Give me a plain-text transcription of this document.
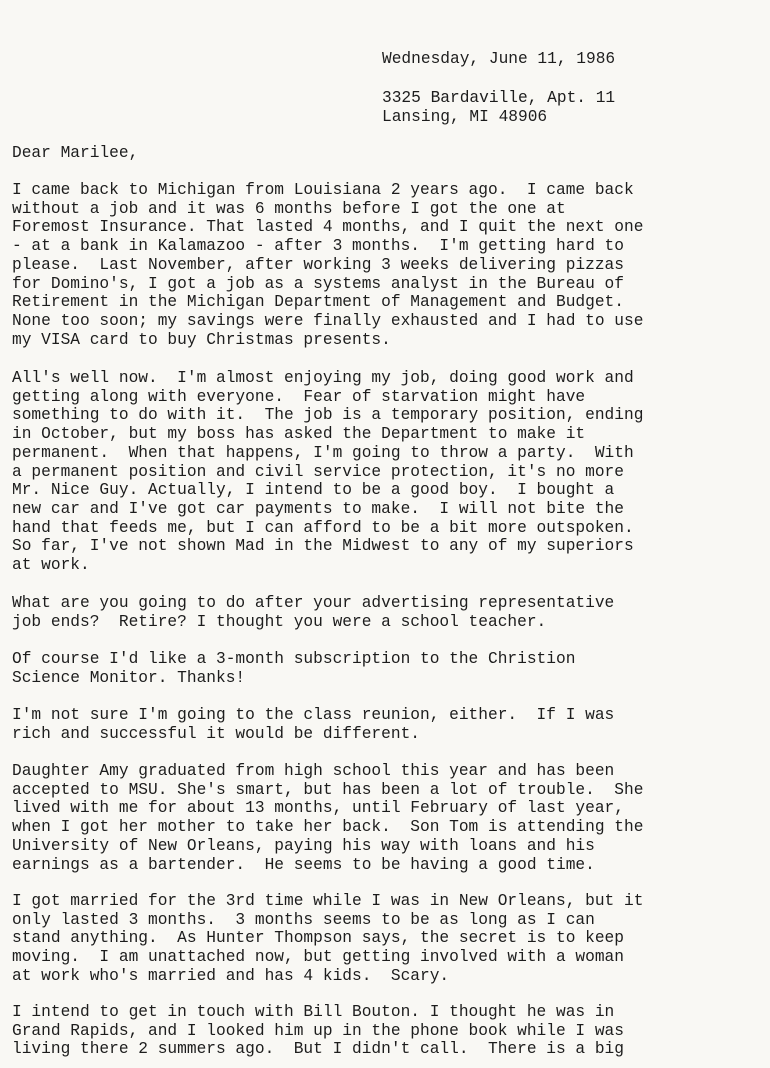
Wednesday, June 11, 1986
3325 Bardaville, Apt. 11
Lansing, MI 48906
Dear Marilee,
I came back to Michigan from Louisiana 2 years ago.  I came back
without a job and it was 6 months before I got the one at
Foremost Insurance. That lasted 4 months, and I quit the next one
- at a bank in Kalamazoo - after 3 months.  I'm getting hard to
please.  Last November, after working 3 weeks delivering pizzas
for Domino's, I got a job as a systems analyst in the Bureau of
Retirement in the Michigan Department of Management and Budget.
None too soon; my savings were finally exhausted and I had to use
my VISA card to buy Christmas presents.
All's well now.  I'm almost enjoying my job, doing good work and
getting along with everyone.  Fear of starvation might have
something to do with it.  The job is a temporary position, ending
in October, but my boss has asked the Department to make it
permanent.  When that happens, I'm going to throw a party.  With
a permanent position and civil service protection, it's no more
Mr. Nice Guy. Actually, I intend to be a good boy.  I bought a
new car and I've got car payments to make.  I will not bite the
hand that feeds me, but I can afford to be a bit more outspoken.
So far, I've not shown Mad in the Midwest to any of my superiors
at work.
What are you going to do after your advertising representative
job ends?  Retire? I thought you were a school teacher.
Of course I'd like a 3-month subscription to the Christion
Science Monitor. Thanks!
I'm not sure I'm going to the class reunion, either.  If I was
rich and successful it would be different.
Daughter Amy graduated from high school this year and has been
accepted to MSU. She's smart, but has been a lot of trouble.  She
lived with me for about 13 months, until February of last year,
when I got her mother to take her back.  Son Tom is attending the
University of New Orleans, paying his way with loans and his
earnings as a bartender.  He seems to be having a good time.
I got married for the 3rd time while I was in New Orleans, but it
only lasted 3 months.  3 months seems to be as long as I can
stand anything.  As Hunter Thompson says, the secret is to keep
moving.  I am unattached now, but getting involved with a woman
at work who's married and has 4 kids.  Scary.
I intend to get in touch with Bill Bouton. I thought he was in
Grand Rapids, and I looked him up in the phone book while I was
living there 2 summers ago.  But I didn't call.  There is a big
